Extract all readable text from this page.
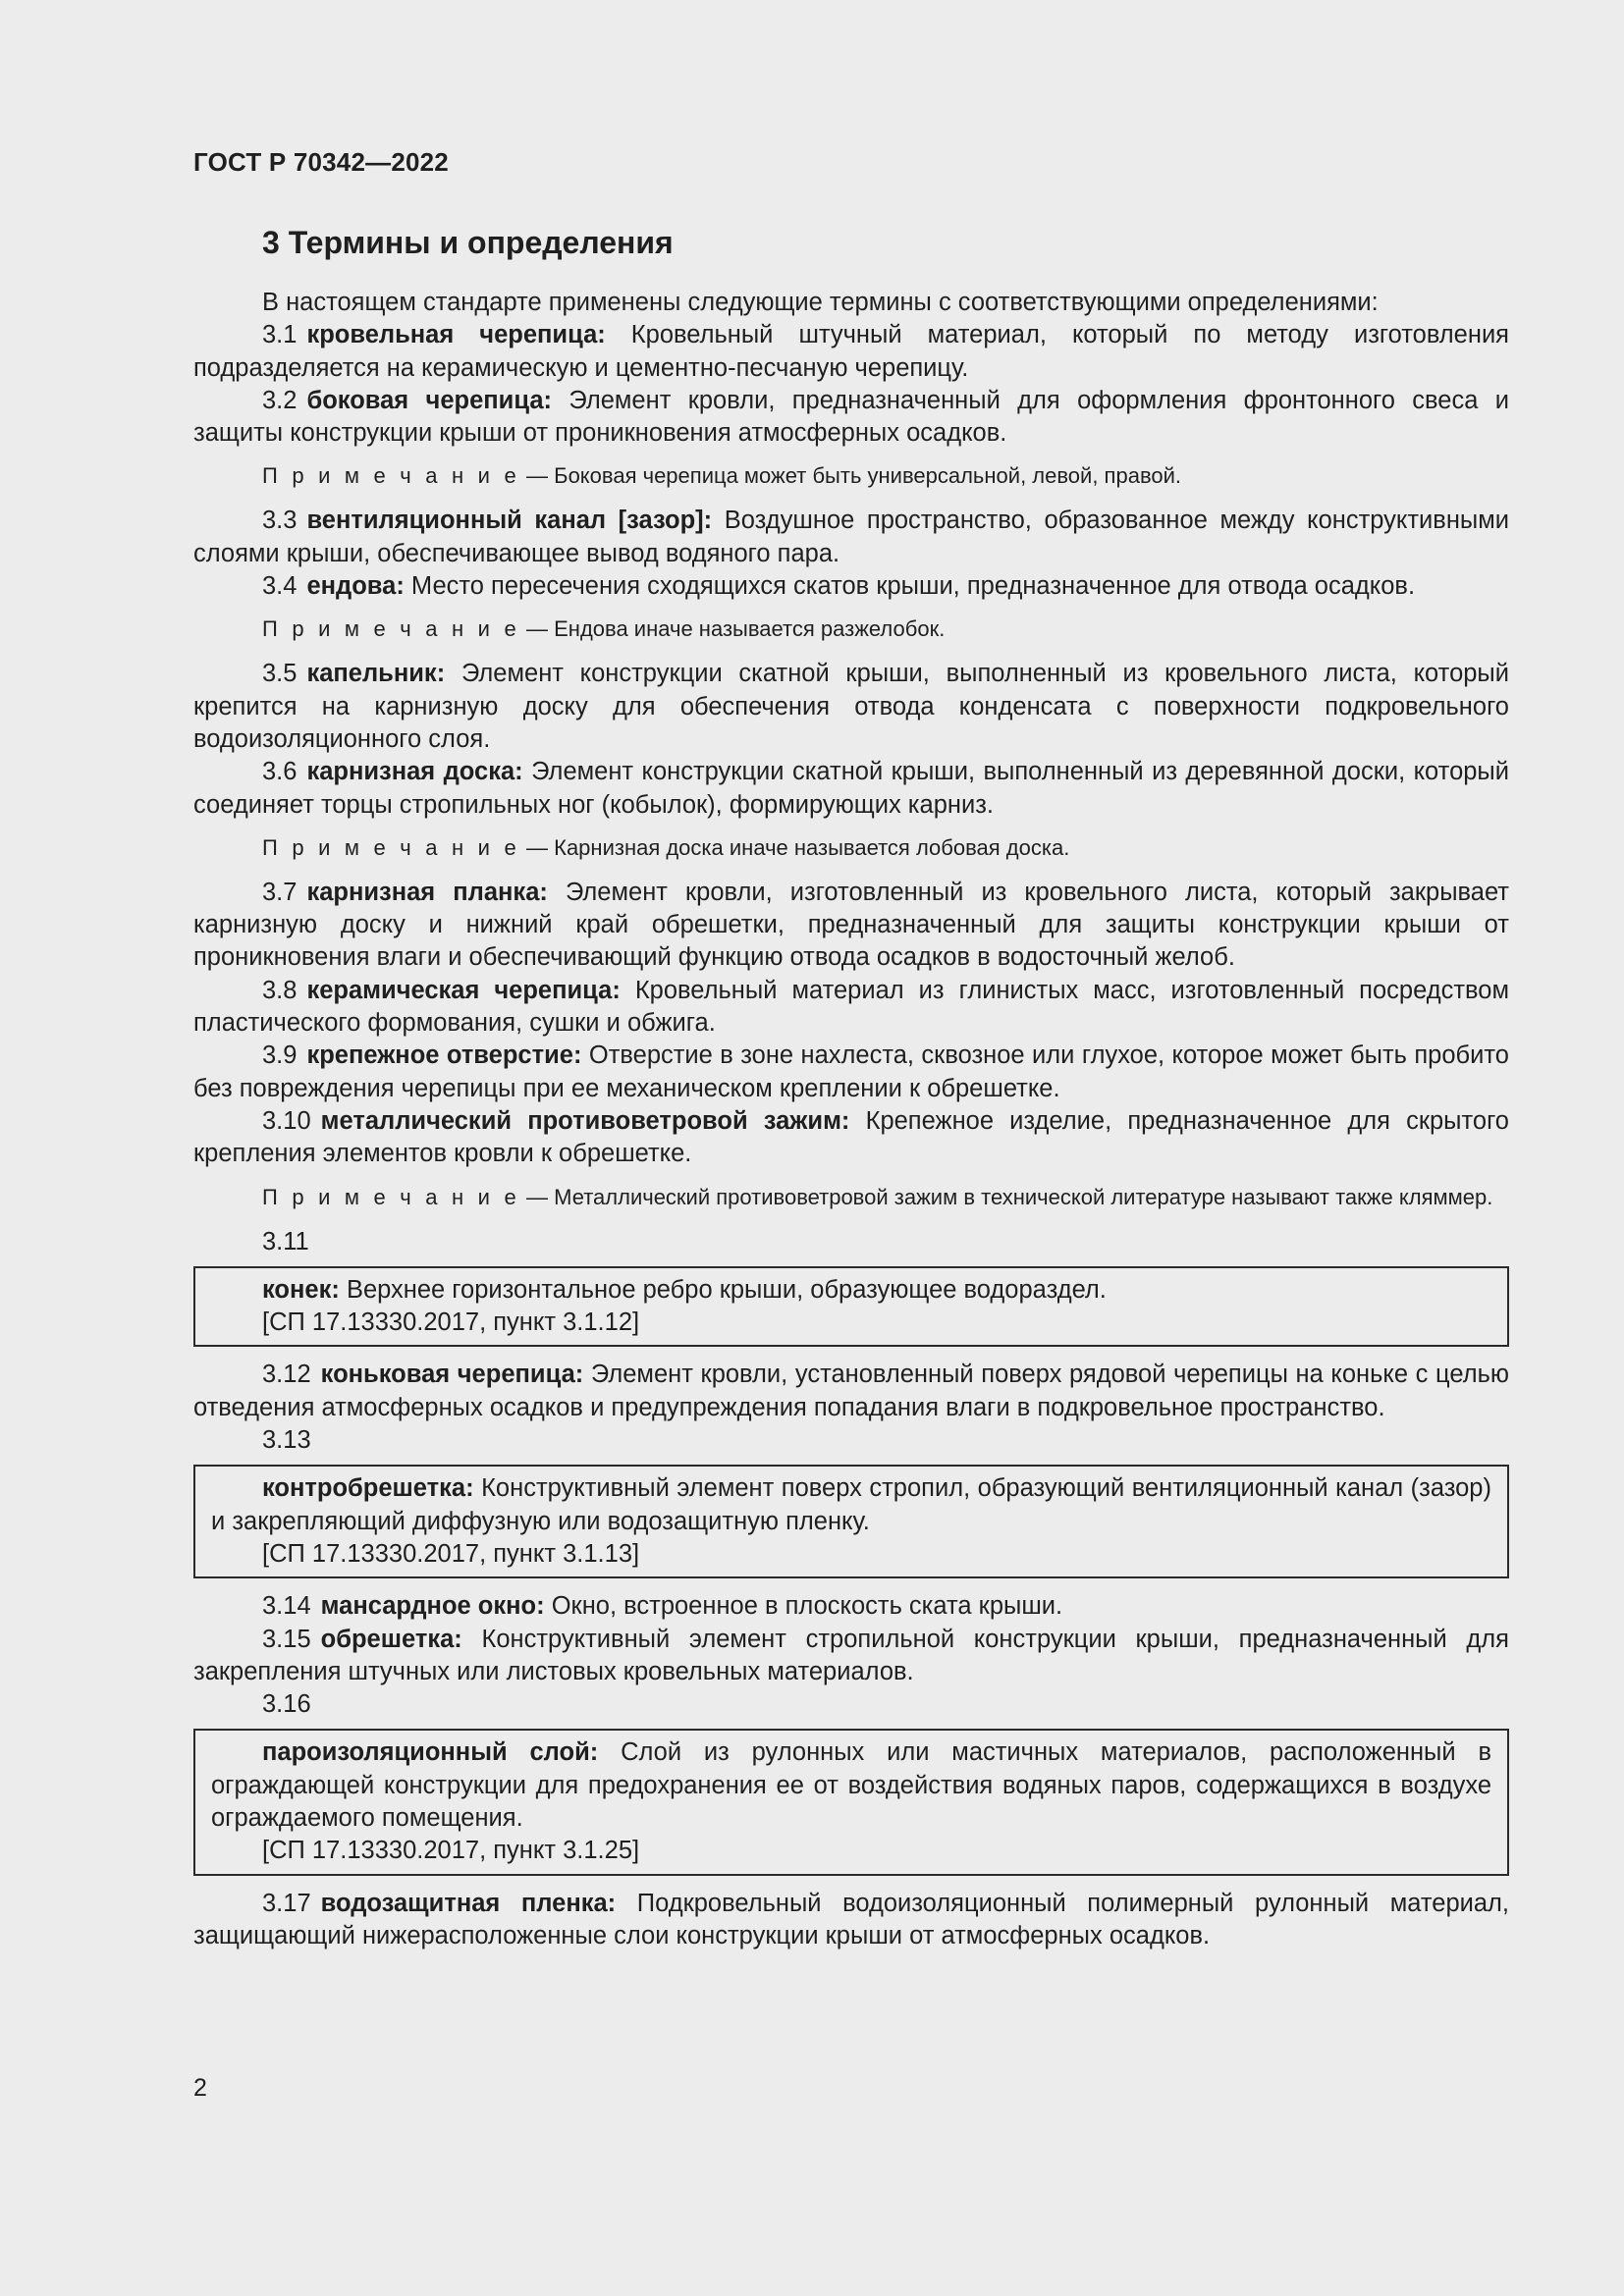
ГОСТ Р 70342—2022
3 Термины и определения

В настоящем стандарте применены следующие термины с соответствующими определениями:

3.1 кровельная черепица: Кровельный штучный материал, который по методу изготовления подразделяется на керамическую и цементно-песчаную черепицу.

3.2 боковая черепица: Элемент кровли, предназначенный для оформления фронтонного свеса и защиты конструкции крыши от проникновения атмосферных осадков.

П р и м е ч а н и е — Боковая черепица может быть универсальной, левой, правой.

3.3 вентиляционный канал [зазор]: Воздушное пространство, образованное между конструктивными слоями крыши, обеспечивающее вывод водяного пара.

3.4 ендова: Место пересечения сходящихся скатов крыши, предназначенное для отвода осадков.

П р и м е ч а н и е — Ендова иначе называется разжелобок.

3.5 капельник: Элемент конструкции скатной крыши, выполненный из кровельного листа, который крепится на карнизную доску для обеспечения отвода конденсата с поверхности подкровельного водоизоляционного слоя.

3.6 карнизная доска: Элемент конструкции скатной крыши, выполненный из деревянной доски, который соединяет торцы стропильных ног (кобылок), формирующих карниз.

П р и м е ч а н и е — Карнизная доска иначе называется лобовая доска.

3.7 карнизная планка: Элемент кровли, изготовленный из кровельного листа, который закрывает карнизную доску и нижний край обрешетки, предназначенный для защиты конструкции крыши от проникновения влаги и обеспечивающий функцию отвода осадков в водосточный желоб.

3.8 керамическая черепица: Кровельный материал из глинистых масс, изготовленный посредством пластического формования, сушки и обжига.

3.9 крепежное отверстие: Отверстие в зоне нахлеста, сквозное или глухое, которое может быть пробито без повреждения черепицы при ее механическом креплении к обрешетке.

3.10 металлический противоветровой зажим: Крепежное изделие, предназначенное для скрытого крепления элементов кровли к обрешетке.

П р и м е ч а н и е — Металлический противоветровой зажим в технической литературе называют также кляммер.

3.11

конек: Верхнее горизонтальное ребро крыши, образующее водораздел.

[СП 17.13330.2017, пункт 3.1.12]

3.12 коньковая черепица: Элемент кровли, установленный поверх рядовой черепицы на коньке с целью отведения атмосферных осадков и предупреждения попадания влаги в подкровельное пространство.

3.13

контробрешетка: Конструктивный элемент поверх стропил, образующий вентиляционный канал (зазор) и закрепляющий диффузную или водозащитную пленку.

[СП 17.13330.2017, пункт 3.1.13]

3.14 мансардное окно: Окно, встроенное в плоскость ската крыши.

3.15 обрешетка: Конструктивный элемент стропильной конструкции крыши, предназначенный для закрепления штучных или листовых кровельных материалов.

3.16

пароизоляционный слой: Слой из рулонных или мастичных материалов, расположенный в ограждающей конструкции для предохранения ее от воздействия водяных паров, содержащихся в воздухе ограждаемого помещения.

[СП 17.13330.2017, пункт 3.1.25]

3.17 водозащитная пленка: Подкровельный водоизоляционный полимерный рулонный материал, защищающий нижерасположенные слои конструкции крыши от атмосферных осадков.

2
